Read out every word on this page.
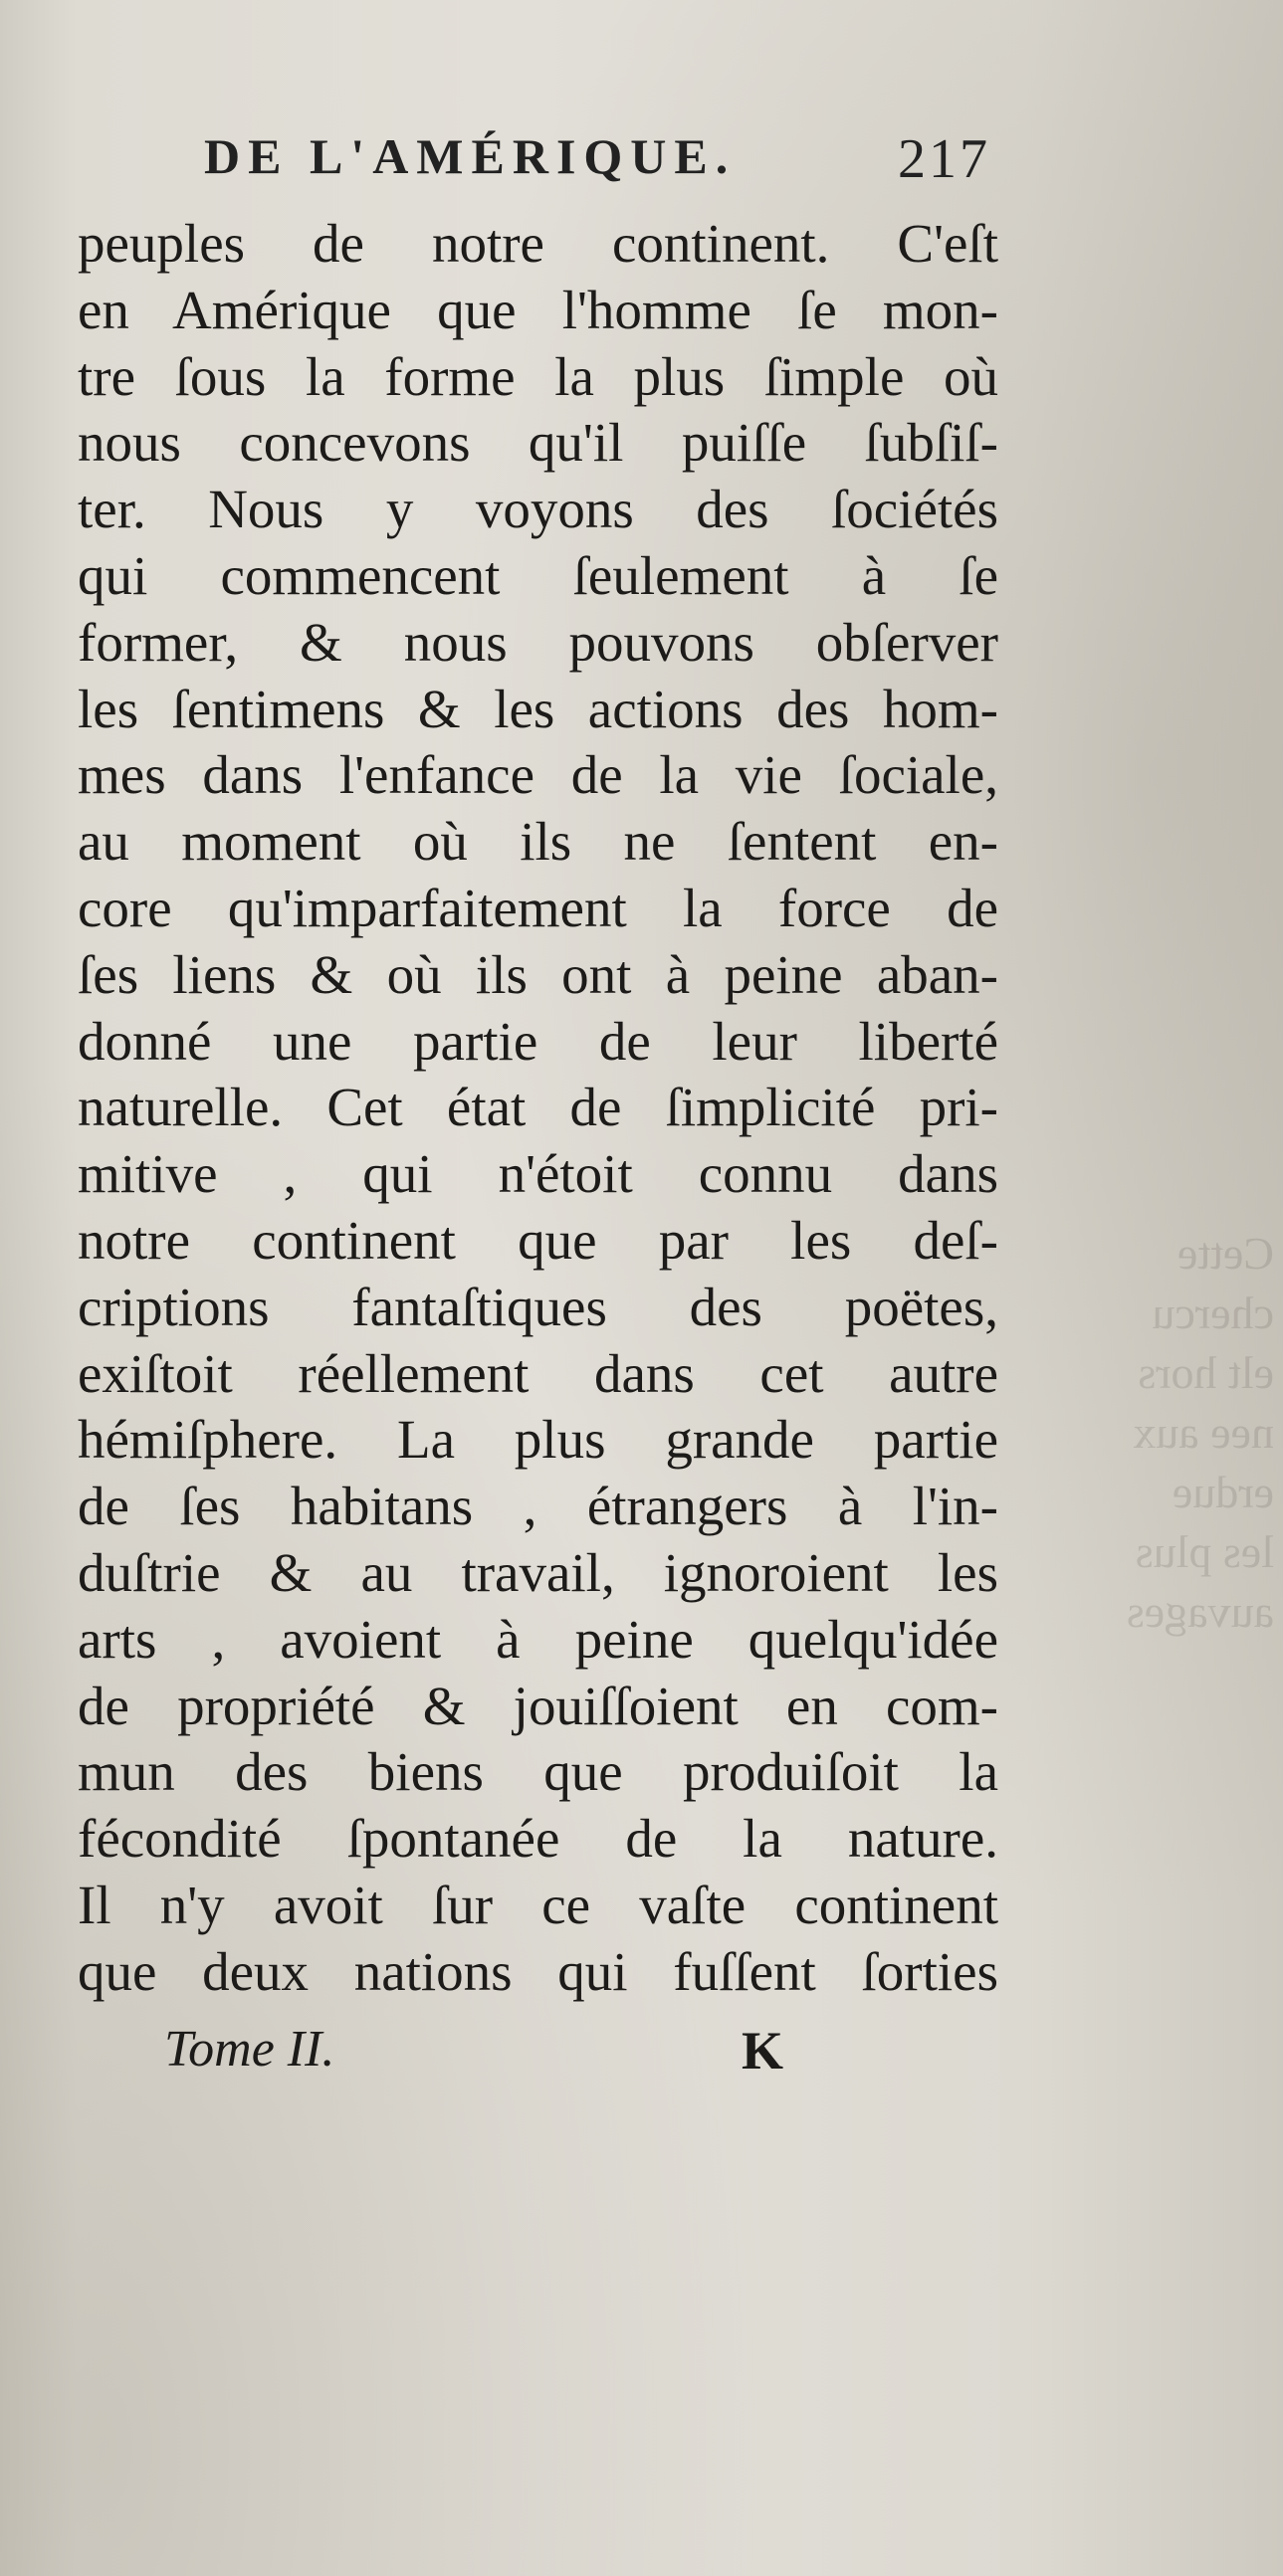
Cette
chercu
elt hors
nee aux
erdue
les plus
auvages
DE L'AMÉRIQUE.	217
peuples de notre continent. C'eſt
en Amérique que l'homme ſe mon-
tre ſous la forme la plus ſimple où
nous concevons qu'il puiſſe ſubſiſ-
ter. Nous y voyons des ſociétés
qui commencent ſeulement à ſe
former, & nous pouvons obſerver
les ſentimens & les actions des hom-
mes dans l'enfance de la vie ſociale,
au moment où ils ne ſentent en-
core qu'imparfaitement la force de
ſes liens & où ils ont à peine aban-
donné une partie de leur liberté
naturelle. Cet état de ſimplicité pri-
mitive , qui n'étoit connu dans
notre continent que par les deſ-
criptions fantaſtiques des poëtes,
exiſtoit réellement dans cet autre
hémiſphere. La plus grande partie
de ſes habitans , étrangers à l'in-
duſtrie & au travail, ignoroient les
arts , avoient à peine quelqu'idée
de propriété & jouiſſoient en com-
mun des biens que produiſoit la
fécondité ſpontanée de la nature.
Il n'y avoit ſur ce vaſte continent
que deux nations qui fuſſent ſorties
Tome II.	K
